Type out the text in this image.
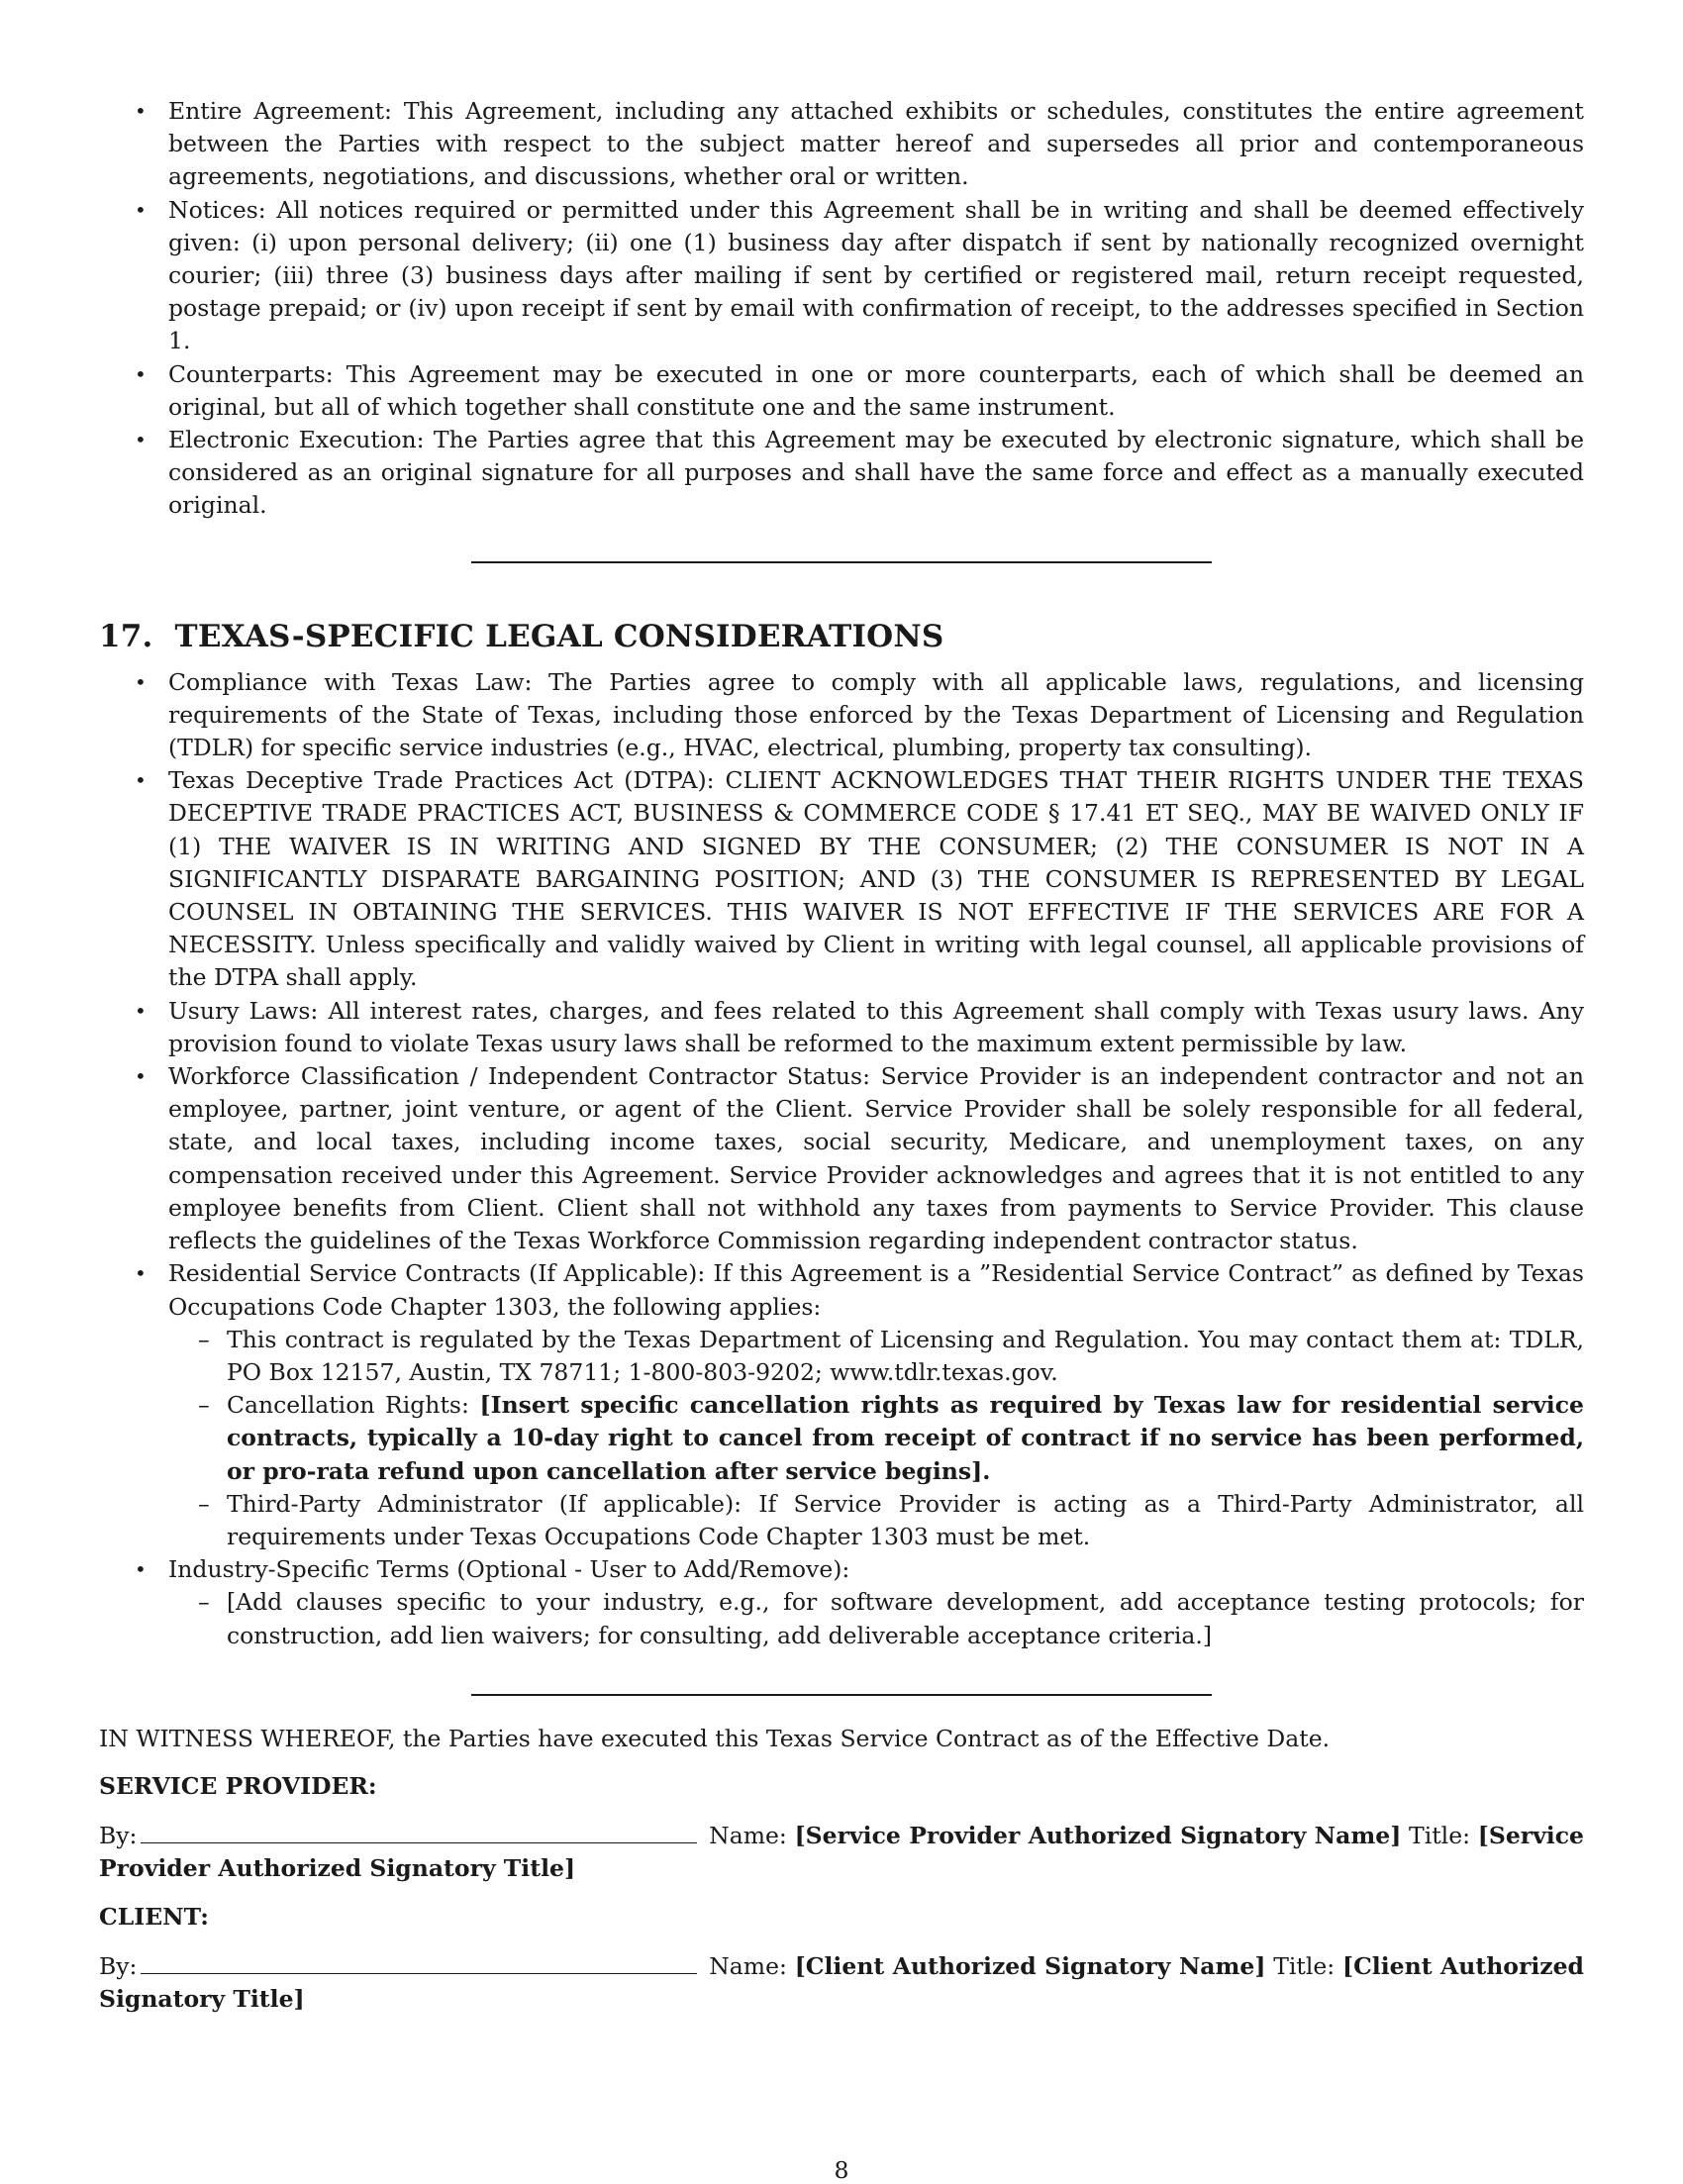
• Entire Agreement: This Agreement, including any attached exhibits or schedules, constitutes the entire agreement between the Parties with respect to the subject matter hereof and supersedes all prior and contemporaneous agreements, negotiations, and discussions, whether oral or written.
• Notices: All notices required or permitted under this Agreement shall be in writing and shall be deemed effectively given: (i) upon personal delivery; (ii) one (1) business day after dispatch if sent by nationally recognized overnight courier; (iii) three (3) business days after mailing if sent by certified or registered mail, return receipt requested, postage prepaid; or (iv) upon receipt if sent by email with confirmation of receipt, to the addresses specified in Section 1.
• Counterparts: This Agreement may be executed in one or more counterparts, each of which shall be deemed an original, but all of which together shall constitute one and the same instrument.
• Electronic Execution: The Parties agree that this Agreement may be executed by electronic signature, which shall be considered as an original signature for all purposes and shall have the same force and effect as a manually executed original.
17. TEXAS-SPECIFIC LEGAL CONSIDERATIONS
• Compliance with Texas Law: The Parties agree to comply with all applicable laws, regulations, and licensing requirements of the State of Texas, including those enforced by the Texas Department of Licensing and Regulation (TDLR) for specific service industries (e.g., HVAC, electrical, plumbing, property tax consulting).
• Texas Deceptive Trade Practices Act (DTPA): CLIENT ACKNOWLEDGES THAT THEIR RIGHTS UNDER THE TEXAS DECEPTIVE TRADE PRACTICES ACT, BUSINESS & COMMERCE CODE § 17.41 ET SEQ., MAY BE WAIVED ONLY IF (1) THE WAIVER IS IN WRITING AND SIGNED BY THE CONSUMER; (2) THE CONSUMER IS NOT IN A SIGNIFICANTLY DISPARATE BARGAINING POSITION; AND (3) THE CONSUMER IS REPRESENTED BY LEGAL COUNSEL IN OBTAINING THE SERVICES. THIS WAIVER IS NOT EFFECTIVE IF THE SERVICES ARE FOR A NECESSITY. Unless specifically and validly waived by Client in writing with legal counsel, all applicable provisions of the DTPA shall apply.
• Usury Laws: All interest rates, charges, and fees related to this Agreement shall comply with Texas usury laws. Any provision found to violate Texas usury laws shall be reformed to the maximum extent permissible by law.
• Workforce Classification / Independent Contractor Status: Service Provider is an independent contractor and not an employee, partner, joint venture, or agent of the Client. Service Provider shall be solely responsible for all federal, state, and local taxes, including income taxes, social security, Medicare, and unemployment taxes, on any compensation received under this Agreement. Service Provider acknowledges and agrees that it is not entitled to any employee benefits from Client. Client shall not withhold any taxes from payments to Service Provider. This clause reflects the guidelines of the Texas Workforce Commission regarding independent contractor status.
• Residential Service Contracts (If Applicable): If this Agreement is a ”Residential Service Contract” as defined by Texas Occupations Code Chapter 1303, the following applies:
– This contract is regulated by the Texas Department of Licensing and Regulation. You may contact them at: TDLR, PO Box 12157, Austin, TX 78711; 1-800-803-9202; www.tdlr.texas.gov.
– Cancellation Rights: [Insert specific cancellation rights as required by Texas law for residential service contracts, typically a 10-day right to cancel from receipt of contract if no service has been performed, or pro-rata refund upon cancellation after service begins].
– Third-Party Administrator (If applicable): If Service Provider is acting as a Third-Party Administrator, all requirements under Texas Occupations Code Chapter 1303 must be met.
• Industry-Specific Terms (Optional - User to Add/Remove):
– [Add clauses specific to your industry, e.g., for software development, add acceptance testing protocols; for construction, add lien waivers; for consulting, add deliverable acceptance criteria.]
IN WITNESS WHEREOF, the Parties have executed this Texas Service Contract as of the Effective Date.
SERVICE PROVIDER:
By:	Name: [Service Provider Authorized Signatory Name] Title: [Service Provider Authorized Signatory Title]
CLIENT:
By:	Name: [Client Authorized Signatory Name] Title: [Client Authorized Signatory Title]
8
